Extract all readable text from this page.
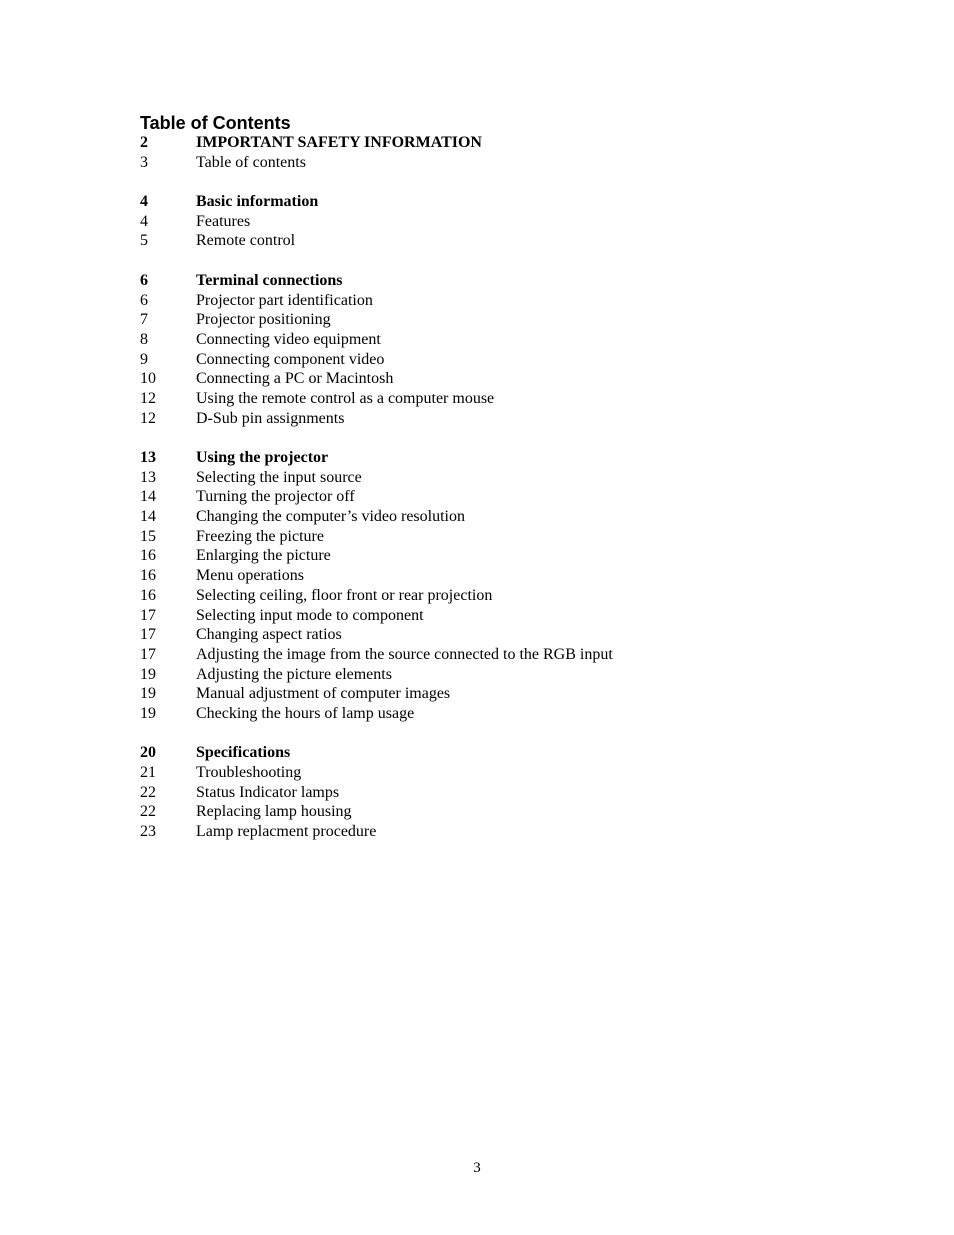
Table of Contents
2	IMPORTANT SAFETY INFORMATION
3	Table of contents
4	Basic information
4	Features
5	Remote control
6	Terminal connections
6	Projector part identification
7	Projector positioning
8	Connecting video equipment
9	Connecting component video
10	Connecting a PC or Macintosh
12	Using the remote control as a computer mouse
12	D-Sub pin assignments
13	Using the projector
13	Selecting the input source
14	Turning the projector off
14	Changing the computer’s video resolution
15	Freezing the picture
16	Enlarging the picture
16	Menu operations
16	Selecting ceiling, floor front or rear projection
17	Selecting input mode to component
17	Changing aspect ratios
17	Adjusting the image from the source connected to the RGB input
19	Adjusting the picture elements
19	Manual adjustment of computer images
19	Checking the hours of lamp usage
20	Specifications
21	Troubleshooting
22	Status Indicator lamps
22	Replacing lamp housing
23	Lamp replacment procedure
3
